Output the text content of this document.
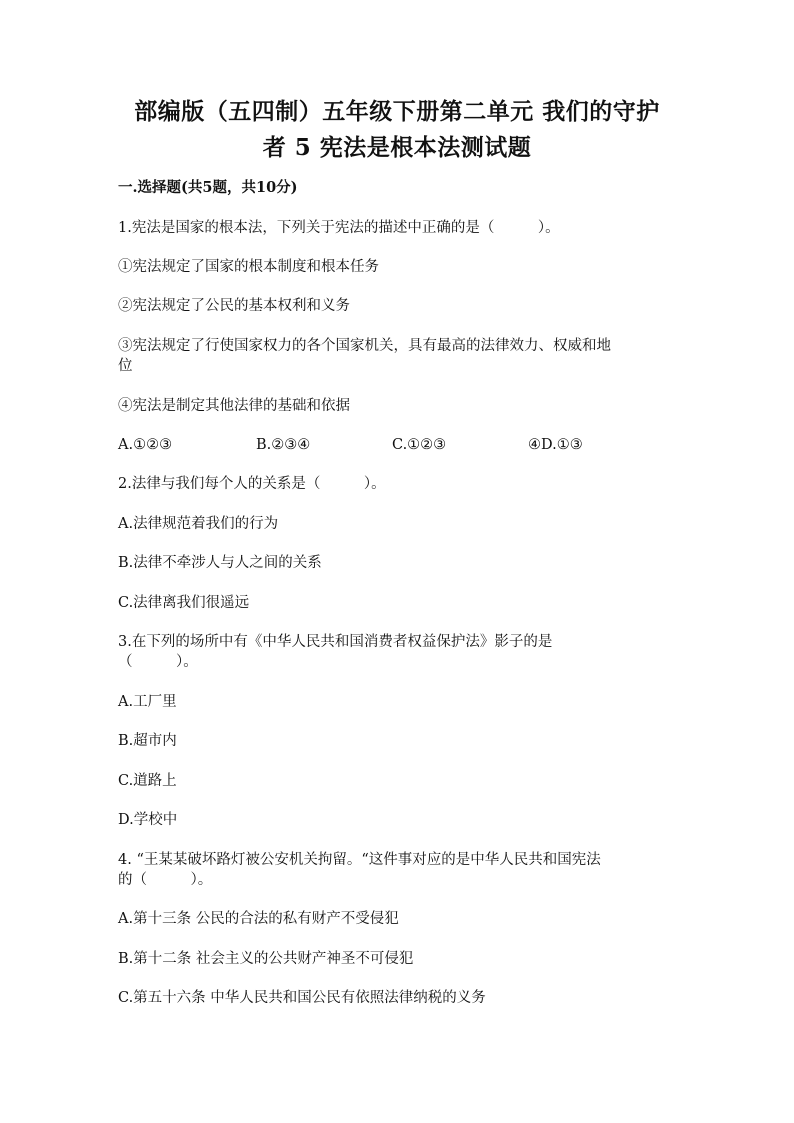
部编版（五四制）五年级下册第二单元 我们的守护
者 5 宪法是根本法测试题
一.选择题(共5题，共10分)
1.宪法是国家的根本法，下列关于宪法的描述中正确的是（　　　）。
①宪法规定了国家的根本制度和根本任务
②宪法规定了公民的基本权利和义务
③宪法规定了行使国家权力的各个国家机关，具有最高的法律效力、权威和地
位
④宪法是制定其他法律的基础和依据
A.①②③	B.②③④	C.①②③	④D.①③
2.法律与我们每个人的关系是（　　　）。
A.法律规范着我们的行为
B.法律不牵涉人与人之间的关系
C.法律离我们很遥远
3.在下列的场所中有《中华人民共和国消费者权益保护法》影子的是
（　　　）。
A.工厂里
B.超市内
C.道路上
D.学校中
4. “王某某破坏路灯被公安机关拘留。“这件事对应的是中华人民共和国宪法
的（　　　）。
A.第十三条 公民的合法的私有财产不受侵犯
B.第十二条 社会主义的公共财产神圣不可侵犯
C.第五十六条 中华人民共和国公民有依照法律纳税的义务
